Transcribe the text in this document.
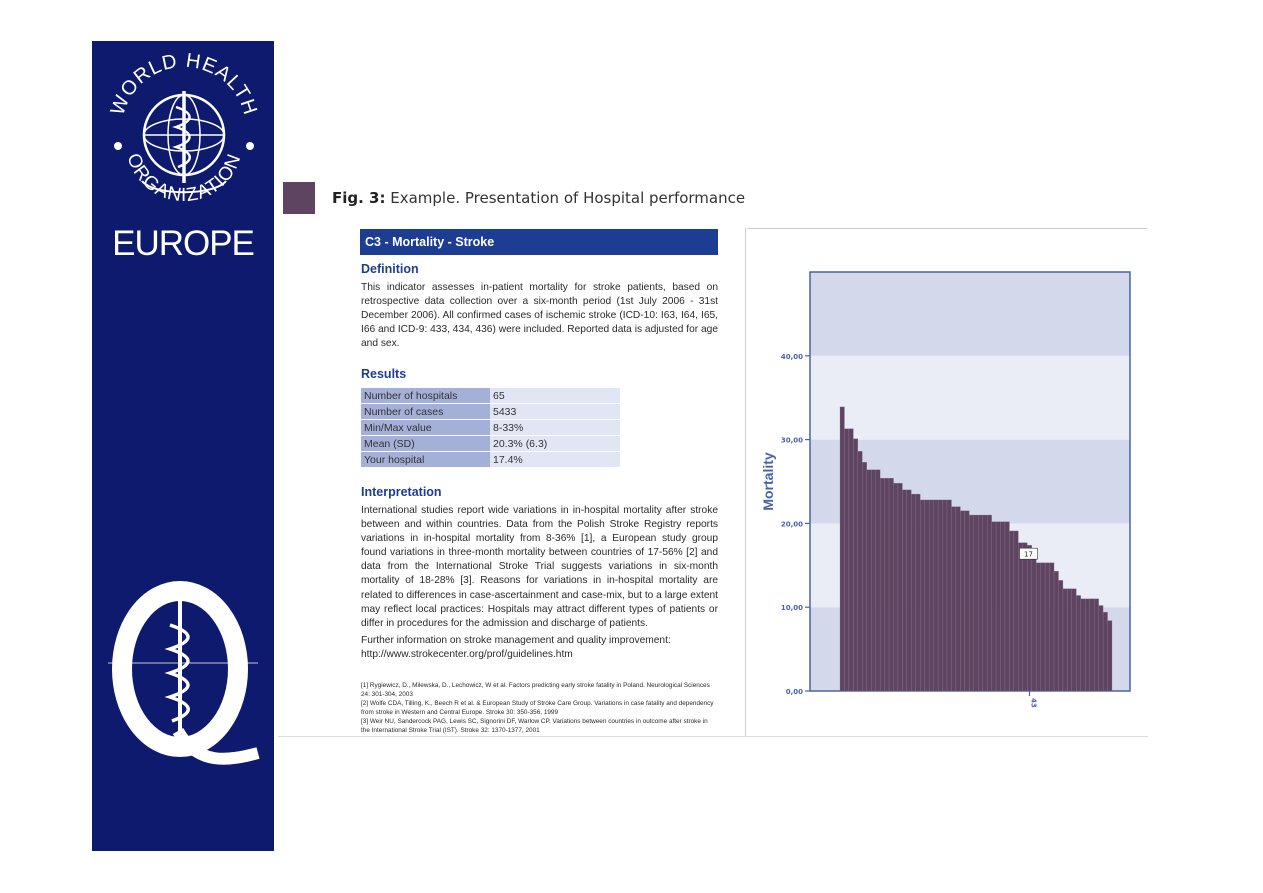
WORLD HEALTH
ORGANIZATION
EUROPE
Fig. 3: Example. Presentation of Hospital performance
C3 - Mortality - Stroke
Definition

This indicator assesses in-patient mortality for stroke patients, based on retrospective data collection over a six-month period (1st July 2006 - 31st December 2006). All confirmed cases of ischemic stroke (ICD-10: I63, I64, I65, I66 and ICD-9: 433, 434, 436) were included. Reported data is adjusted for age and sex.

Results
Number of hospitals	65
Number of cases	5433
Min/Max value	8-33%
Mean (SD)	20.3% (6.3)
Your hospital	17.4%
Interpretation

International studies report wide variations in in-hospital mortality after stroke between and within countries. Data from the Polish Stroke Registry reports variations in in-hospital mortality from 8-36% [1], a European study group found variations in three-month mortality between countries of 17-56% [2] and data from the International Stroke Trial suggests variations in six-month mortality of 18-28% [3]. Reasons for variations in in-hospital mortality are related to differences in case-ascertainment and case-mix, but to a large extent may reflect local practices: Hospitals may attract different types of patients or differ in procedures for the admission and discharge of patients.

Further information on stroke management and quality improvement: http://www.strokecenter.org/prof/guidelines.htm

[1] Rygiewicz, D., Milewska, D., Lechowicz, W et al. Factors predicting early stroke fatality in Poland. Neurological Sciences 24: 301-304, 2003
[2] Wolfe CDA, Tilling, K., Beech R et al. & European Study of Stroke Care Group. Variations in case fatality and dependency from stroke in Western and Central Europe. Stroke 30: 350-356, 1999
[3] Weir NU, Sandercock PAG, Lewis SC, Signorini DF, Warlow CP. Variations between countries in outcome after stroke in the International Stroke Trial (IST). Stroke 32: 1370-1377, 2001
0,00
10,00
20,00
30,00
40,00
Mortality
17
43
